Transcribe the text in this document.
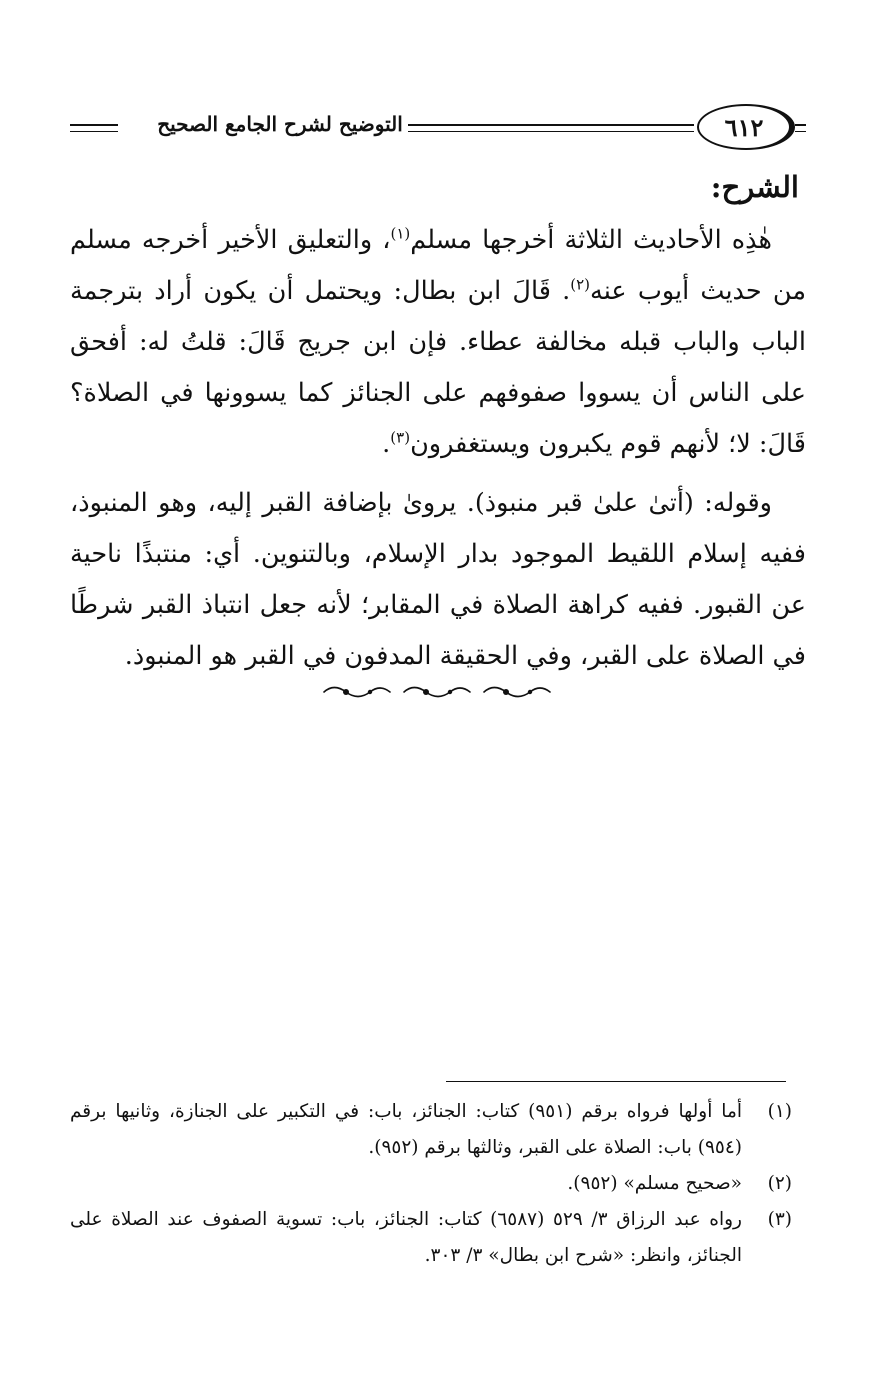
التوضيح لشرح الجامع الصحيح	٦١٢
الشرح:

هٰذِه الأحاديث الثلاثة أخرجها مسلم$^{(١)}$، والتعليق الأخير أخرجه مسلم من حديث أيوب عنه$^{(٢)}$. قَالَ ابن بطال: ويحتمل أن يكون أراد بترجمة الباب والباب قبله مخالفة عطاء. فإن ابن جريج قَالَ: قلتُ له: أفحق على الناس أن يسووا صفوفهم على الجنائز كما يسوونها في الصلاة؟ قَالَ: لا؛ لأنهم قوم يكبرون ويستغفرون$^{(٣)}$.

وقوله: (أتىٰ علىٰ قبر منبوذ). يروىٰ بإضافة القبر إليه، وهو المنبوذ، ففيه إسلام اللقيط الموجود بدار الإسلام، وبالتنوين. أي: منتبذًا ناحية عن القبور. ففيه كراهة الصلاة في المقابر؛ لأنه جعل انتباذ القبر شرطًا في الصلاة على القبر، وفي الحقيقة المدفون في القبر هو المنبوذ.

(١)
أما أولها فرواه برقم (٩٥١) كتاب: الجنائز، باب: في التكبير على الجنازة، وثانيها برقم (٩٥٤) باب: الصلاة على القبر، وثالثها برقم (٩٥٢).
(٢)
«صحيح مسلم» (٩٥٢).
(٣)
رواه عبد الرزاق ٣/ ٥٢٩ (٦٥٨٧) كتاب: الجنائز، باب: تسوية الصفوف عند الصلاة على الجنائز، وانظر: «شرح ابن بطال» ٣/ ٣٠٣.
